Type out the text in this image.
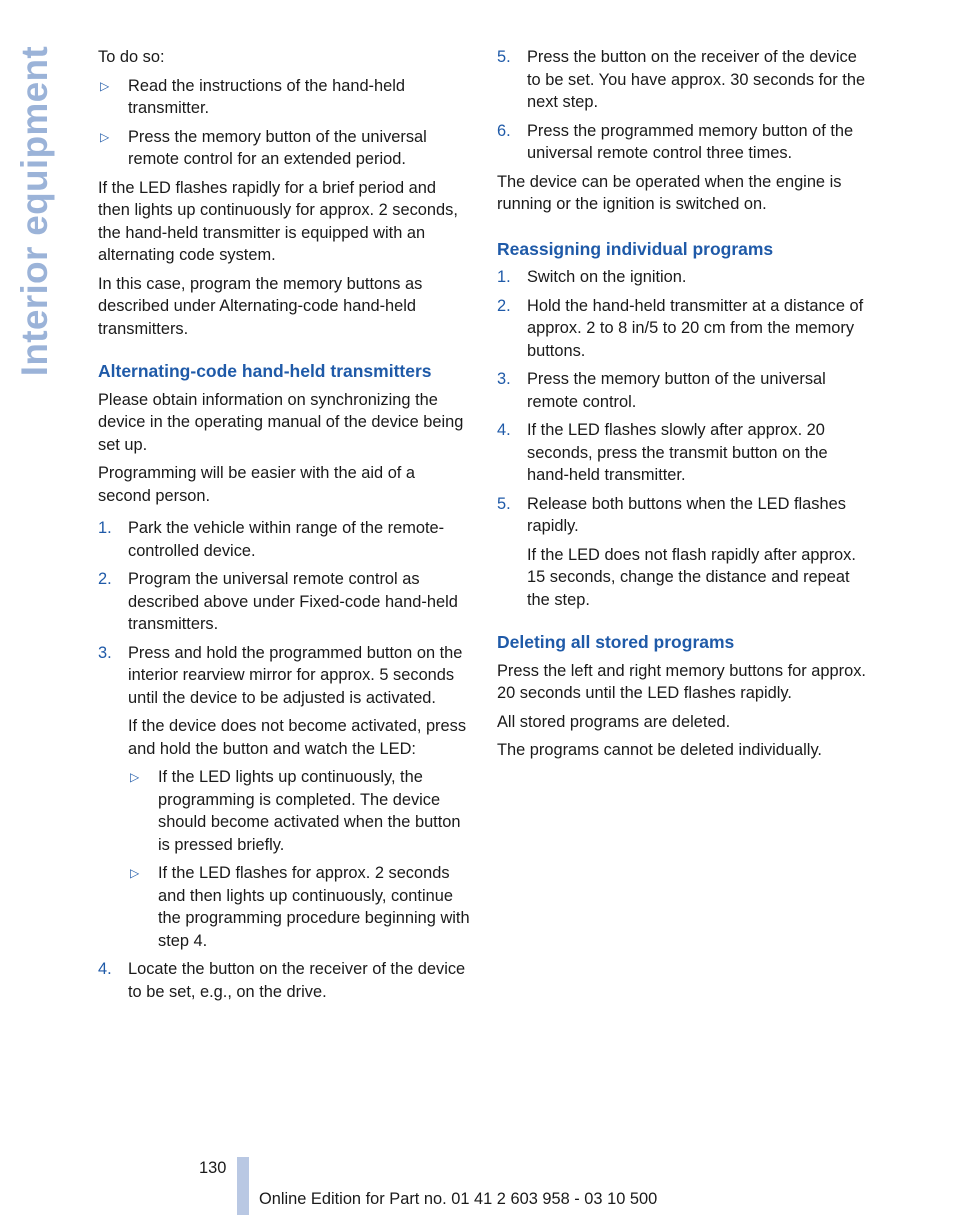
Interior equipment	To do so:

▷ Read the instructions of the hand-held transmitter.
▷ Press the memory button of the universal remote control for an extended period.

If the LED flashes rapidly for a brief period and then lights up continuously for approx. 2 seconds, the hand-held transmitter is equipped with an alternating code system.

In this case, program the memory buttons as described under Alternating-code hand-held transmitters.

Alternating-code hand-held transmitters

Please obtain information on synchronizing the device in the operating manual of the device being set up.

Programming will be easier with the aid of a second person.

1. Park the vehicle within range of the remote-controlled device.
2. Program the universal remote control as described above under Fixed-code hand-held transmitters.
3. Press and hold the programmed button on the interior rearview mirror for approx. 5 seconds until the device to be adjusted is activated.

If the device does not become activated, press and hold the button and watch the LED:

▷ If the LED lights up continuously, the programming is completed. The device should become activated when the button is pressed briefly.
▷ If the LED flashes for approx. 2 seconds and then lights up continuously, continue the programming procedure beginning with step 4.
4. Locate the button on the receiver of the device to be set, e.g., on the drive.
5. Press the button on the receiver of the device to be set. You have approx. 30 seconds for the next step.
6. Press the programmed memory button of the universal remote control three times.

The device can be operated when the engine is running or the ignition is switched on.

Reassigning individual programs
1. Switch on the ignition.
2. Hold the hand-held transmitter at a distance of approx. 2 to 8 in/5 to 20 cm from the memory buttons.
3. Press the memory button of the universal remote control.
4. If the LED flashes slowly after approx. 20 seconds, press the transmit button on the hand-held transmitter.
5. Release both buttons when the LED flashes rapidly.

If the LED does not flash rapidly after approx. 15 seconds, change the distance and repeat the step.

Deleting all stored programs

Press the left and right memory buttons for approx. 20 seconds until the LED flashes rapidly.

All stored programs are deleted.

The programs cannot be deleted individually.

130
Online Edition for Part no. 01 41 2 603 958 - 03 10 500
